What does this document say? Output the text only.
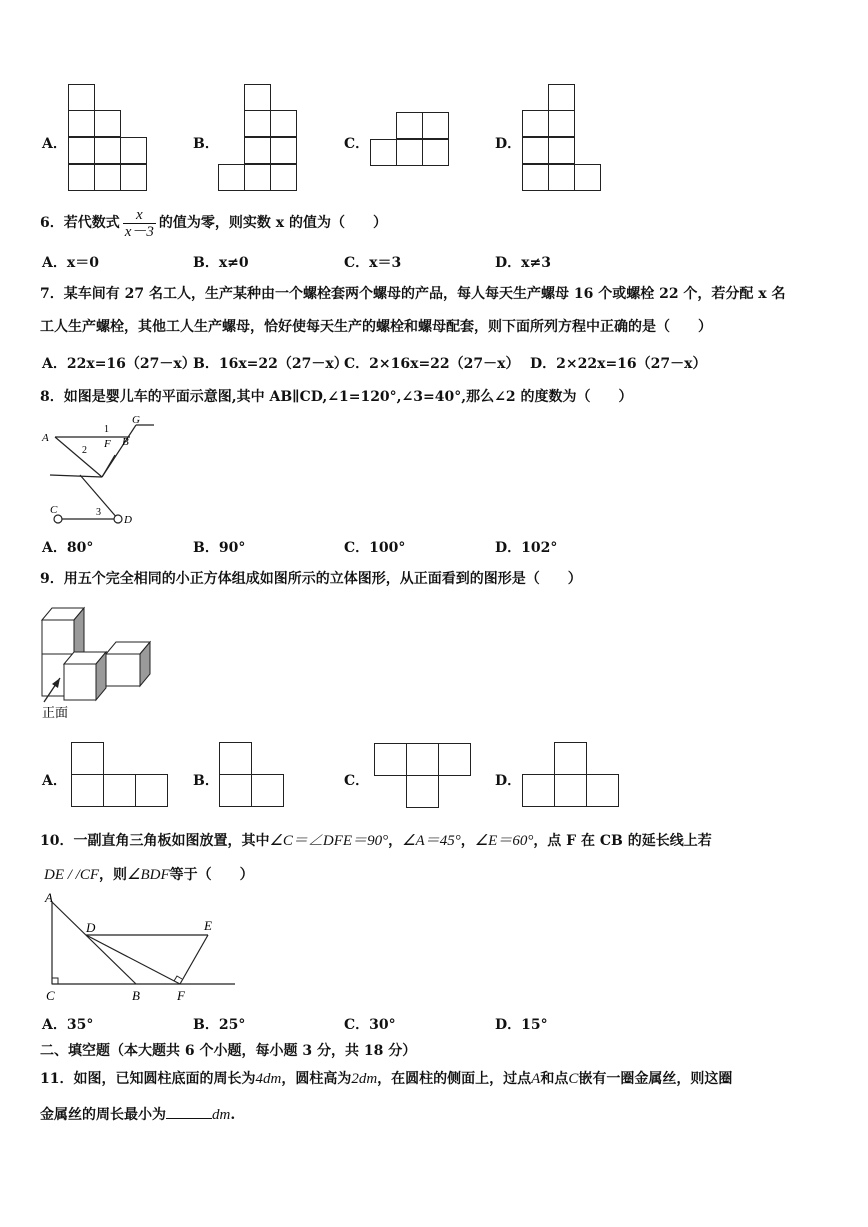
A．	B．	C．	D．
6．若代数式 $\frac{x}{x-3}$ 的值为零，则实数 x 的值为（　　）
A．x＝0	B．x≠0	C．x＝3	D．x≠3
7．某车间有 27 名工人，生产某种由一个螺栓套两个螺母的产品，每人每天生产螺母 16 个或螺栓 22 个，若分配 x 名
工人生产螺栓，其他工人生产螺母，恰好使每天生产的螺栓和螺母配套，则下面所列方程中正确的是（　　）
A．22x=16（27－x）
B．16x=22（27－x）
C．2×16x=22（27－x） D．2×22x=16（27－x）
8．如图是婴儿车的平面示意图,其中 AB∥CD,∠1=120°,∠3=40°,那么∠2 的度数为（　　）
G
A	B
F
C
D
1
2
3
A．80°	B．90°	C．100°	D．102°
9．用五个完全相同的小正方体组成如图所示的立体图形，从正面看到的图形是（　　）
正面
A．	B．	C．	D．
10．一副直角三角板如图放置，其中∠C＝∠DFE＝90°，∠A＝45°，∠E＝60°，点 F 在 CB 的延长线上若
DE / /CF，则∠BDF等于（　　）
A
D	E
C	B	F
A．35°	B．25°	C．30°	D．15°
二、填空题（本大题共 6 个小题，每小题 3 分，共 18 分）
11．如图，已知圆柱底面的周长为4dm，圆柱高为2dm，在圆柱的侧面上，过点A和点C嵌有一圈金属丝，则这圈
金属丝的周长最小为	dm.
